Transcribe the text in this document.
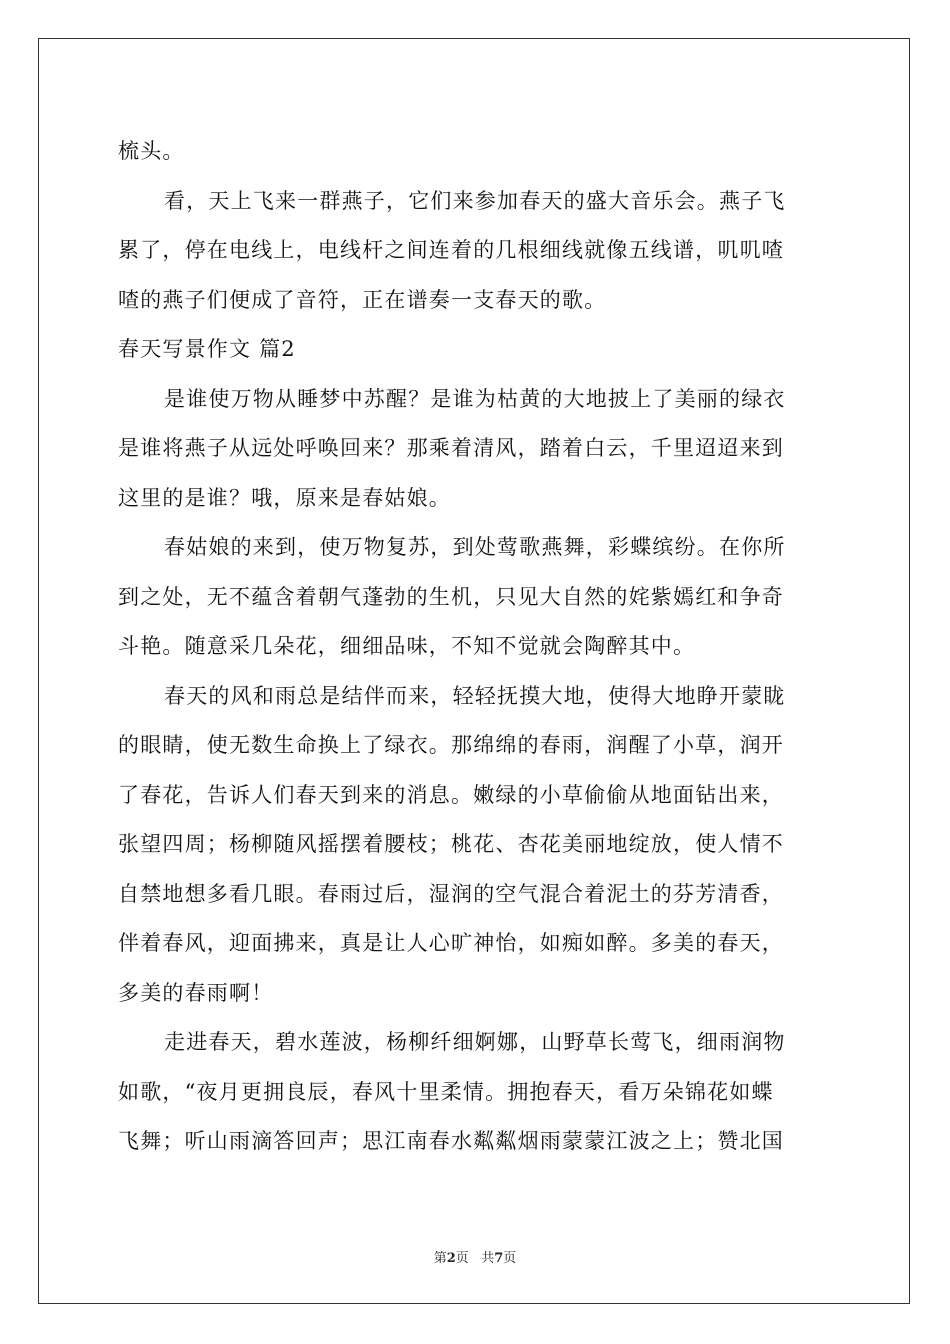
梳头。
看，天上飞来一群燕子，它们来参加春天的盛大音乐会。燕子飞
累了，停在电线上，电线杆之间连着的几根细线就像五线谱，叽叽喳
喳的燕子们便成了音符，正在谱奏一支春天的歌。
春天写景作文 篇2
是谁使万物从睡梦中苏醒？是谁为枯黄的大地披上了美丽的绿衣
是谁将燕子从远处呼唤回来？那乘着清风，踏着白云，千里迢迢来到
这里的是谁？哦，原来是春姑娘。
春姑娘的来到，使万物复苏，到处莺歌燕舞，彩蝶缤纷。在你所
到之处，无不蕴含着朝气蓬勃的生机，只见大自然的姹紫嫣红和争奇
斗艳。随意采几朵花，细细品味，不知不觉就会陶醉其中。
春天的风和雨总是结伴而来，轻轻抚摸大地，使得大地睁开蒙眬
的眼睛，使无数生命换上了绿衣。那绵绵的春雨，润醒了小草，润开
了春花，告诉人们春天到来的消息。嫩绿的小草偷偷从地面钻出来，
张望四周；杨柳随风摇摆着腰枝；桃花、杏花美丽地绽放，使人情不
自禁地想多看几眼。春雨过后，湿润的空气混合着泥土的芬芳清香，
伴着春风，迎面拂来，真是让人心旷神怡，如痴如醉。多美的春天，
多美的春雨啊！
走进春天，碧水莲波，杨柳纤细婀娜，山野草长莺飞，细雨润物
如歌，“夜月更拥良辰，春风十里柔情。拥抱春天，看万朵锦花如蝶
飞舞；听山雨滴答回声；思江南春水粼粼烟雨蒙蒙江波之上；赞北国
第2页 共7页
